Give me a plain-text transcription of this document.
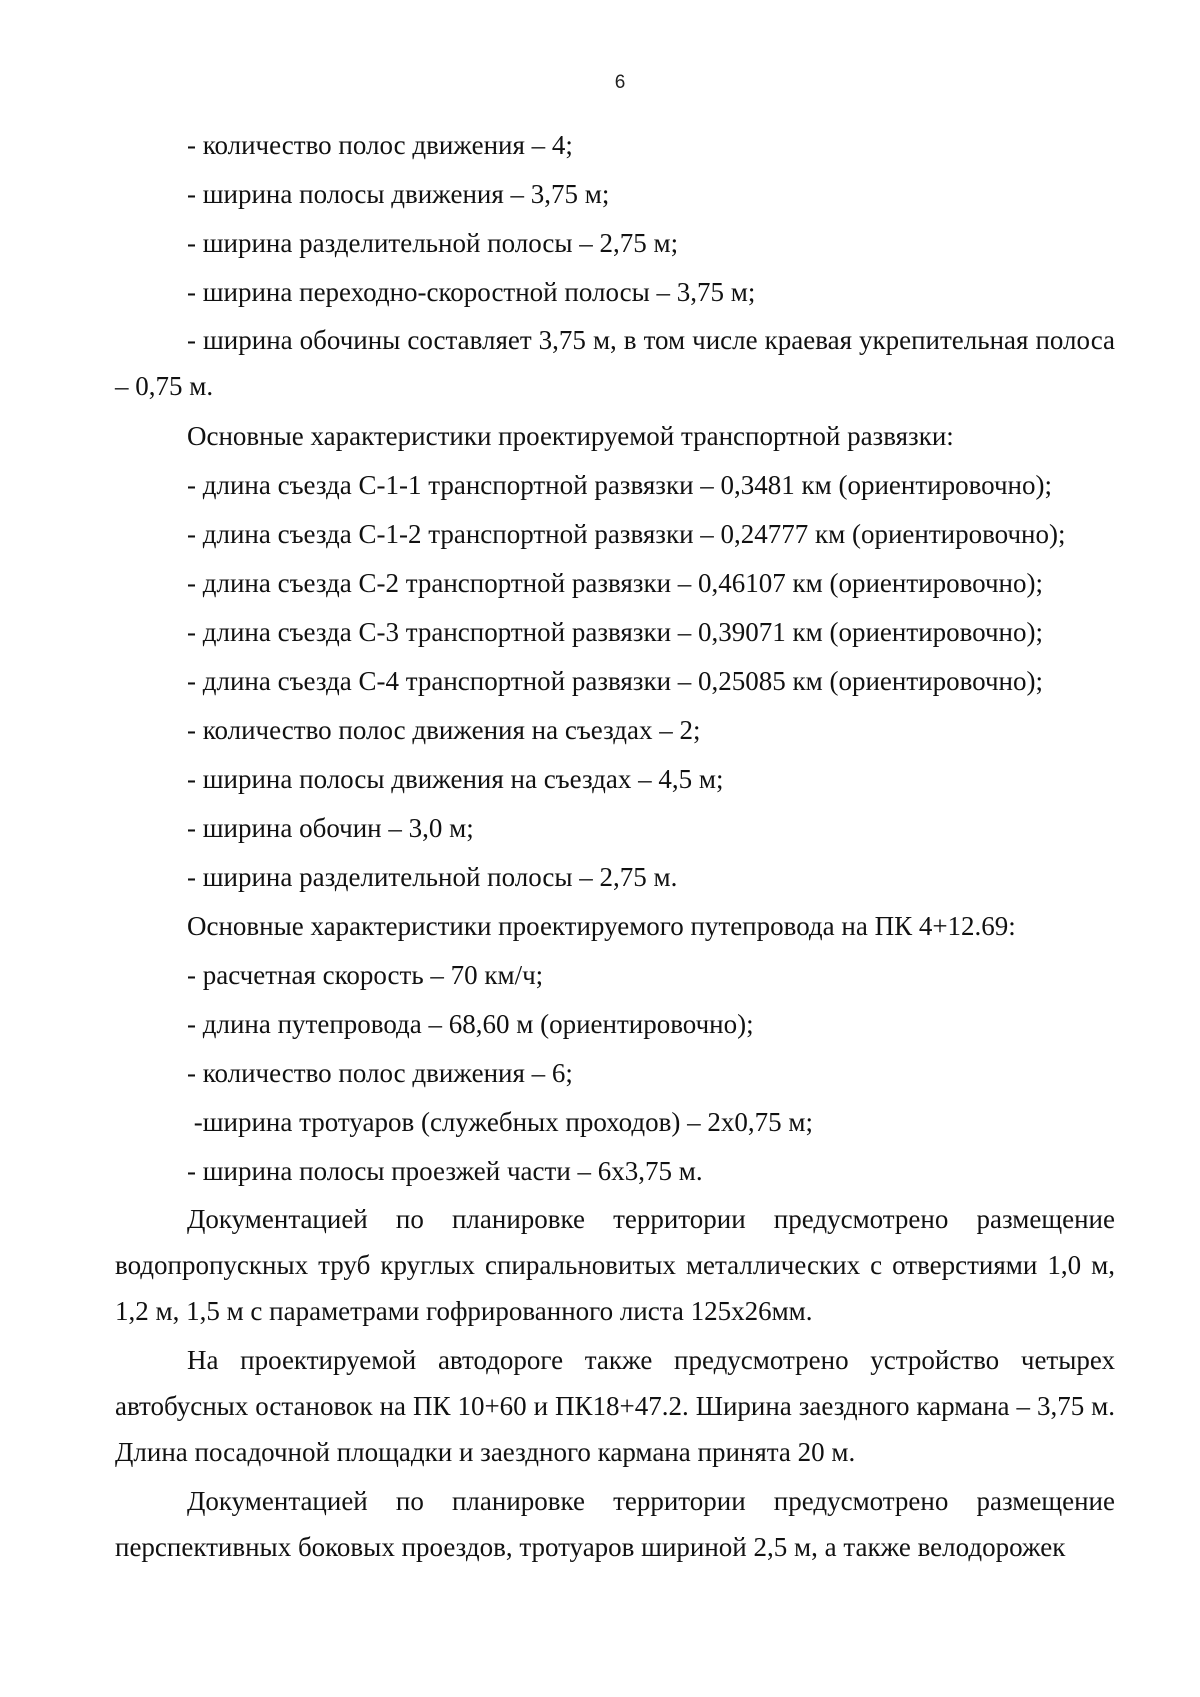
6

- количество полос движения – 4;

- ширина полосы движения – 3,75 м;

- ширина разделительной полосы – 2,75 м;

- ширина переходно-скоростной полосы – 3,75 м;

- ширина обочины составляет 3,75 м, в том числе краевая укрепительная полоса – 0,75 м.

Основные характеристики проектируемой транспортной развязки:

- длина съезда С-1-1 транспортной развязки – 0,3481 км (ориентировочно);

- длина съезда С-1-2 транспортной развязки – 0,24777 км (ориентировочно);

- длина съезда С-2 транспортной развязки – 0,46107 км (ориентировочно);

- длина съезда С-3 транспортной развязки – 0,39071 км (ориентировочно);

- длина съезда С-4 транспортной развязки – 0,25085 км (ориентировочно);

- количество полос движения на съездах – 2;

- ширина полосы движения на съездах – 4,5 м;

- ширина обочин – 3,0 м;

- ширина разделительной полосы – 2,75 м.

Основные характеристики проектируемого путепровода на ПК 4+12.69:

- расчетная скорость – 70 км/ч;

- длина путепровода – 68,60 м (ориентировочно);

- количество полос движения – 6;

-ширина тротуаров (служебных проходов) – 2х0,75 м;

- ширина полосы проезжей части – 6х3,75 м.

Документацией по планировке территории предусмотрено размещение водопропускных труб круглых спиральновитых металлических с отверстиями 1,0 м, 1,2 м, 1,5 м с параметрами гофрированного листа 125х26мм.

На проектируемой автодороге также предусмотрено устройство четырех автобусных остановок на ПК 10+60 и ПК18+47.2. Ширина заездного кармана – 3,75 м. Длина посадочной площадки и заездного кармана принята 20 м.

Документацией по планировке территории предусмотрено размещение перспективных боковых проездов, тротуаров шириной 2,5 м, а также велодорожек
